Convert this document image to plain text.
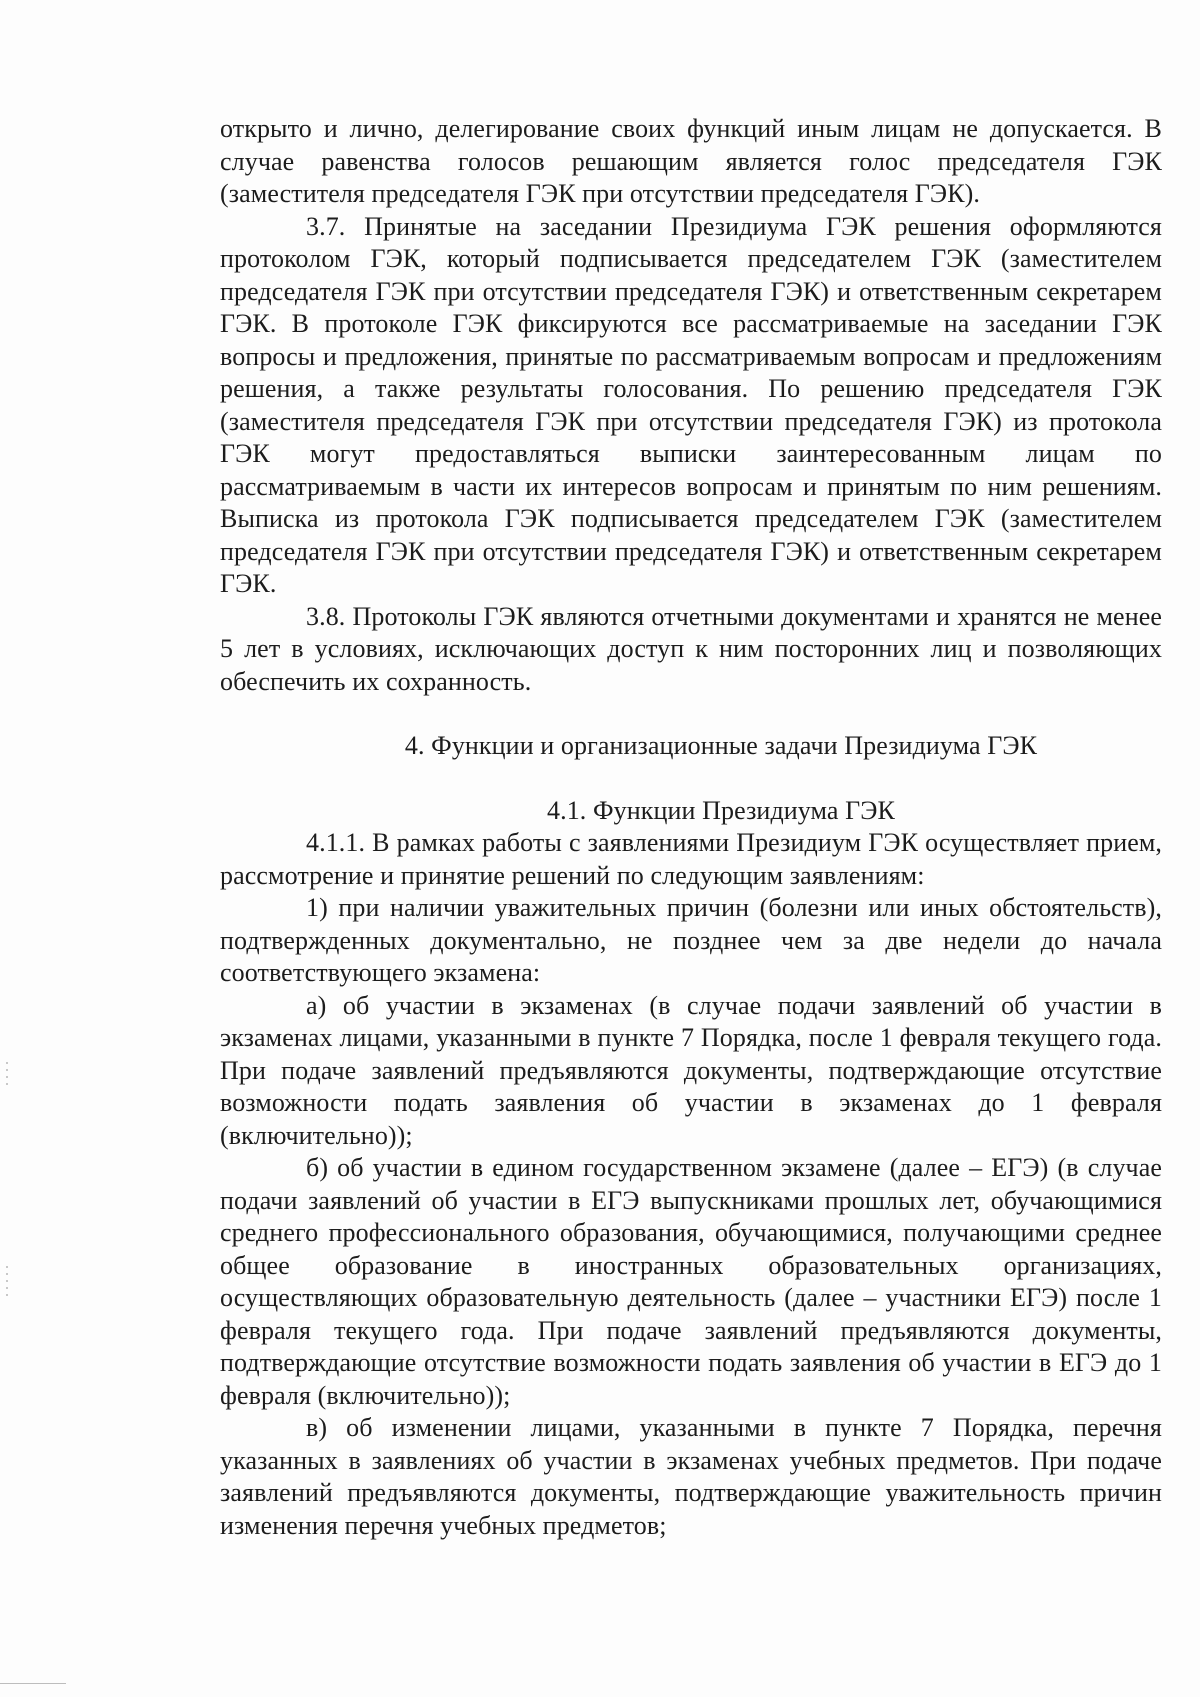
открыто и лично, делегирование своих функций иным лицам не допускается. В случае равенства голосов решающим является голос председателя ГЭК (заместителя председателя ГЭК при отсутствии председателя ГЭК).

3.7. Принятые на заседании Президиума ГЭК решения оформляются протоколом ГЭК, который подписывается председателем ГЭК (заместителем председателя ГЭК при отсутствии председателя ГЭК) и ответственным секретарем ГЭК. В протоколе ГЭК фиксируются все рассматриваемые на заседании ГЭК вопросы и предложения, принятые по рассматриваемым вопросам и предложениям решения, а также результаты голосования. По решению председателя ГЭК (заместителя председателя ГЭК при отсутствии председателя ГЭК) из протокола ГЭК могут предоставляться выписки заинтересованным лицам по рассматриваемым в части их интересов вопросам и принятым по ним решениям. Выписка из протокола ГЭК подписывается председателем ГЭК (заместителем председателя ГЭК при отсутствии председателя ГЭК) и ответственным секретарем ГЭК.

3.8. Протоколы ГЭК являются отчетными документами и хранятся не менее 5 лет в условиях, исключающих доступ к ним посторонних лиц и позволяющих обеспечить их сохранность.

4. Функции и организационные задачи Президиума ГЭК

4.1. Функции Президиума ГЭК

4.1.1. В рамках работы с заявлениями Президиум ГЭК осуществляет прием, рассмотрение и принятие решений по следующим заявлениям:

1) при наличии уважительных причин (болезни или иных обстоятельств), подтвержденных документально, не позднее чем за две недели до начала соответствующего экзамена:

а) об участии в экзаменах (в случае подачи заявлений об участии в экзаменах лицами, указанными в пункте 7 Порядка, после 1 февраля текущего года. При подаче заявлений предъявляются документы, подтверждающие отсутствие возможности подать заявления об участии в экзаменах до 1 февраля (включительно));

б) об участии в едином государственном экзамене (далее – ЕГЭ) (в случае подачи заявлений об участии в ЕГЭ выпускниками прошлых лет, обучающимися среднего профессионального образования, обучающимися, получающими среднее общее образование в иностранных образовательных организациях, осуществляющих образовательную деятельность (далее – участники ЕГЭ) после 1 февраля текущего года. При подаче заявлений предъявляются документы, подтверждающие отсутствие возможности подать заявления об участии в ЕГЭ до 1 февраля (включительно));

в) об изменении лицами, указанными в пункте 7 Порядка, перечня указанных в заявлениях об участии в экзаменах учебных предметов. При подаче заявлений предъявляются документы, подтверждающие уважительность причин изменения перечня учебных предметов;
